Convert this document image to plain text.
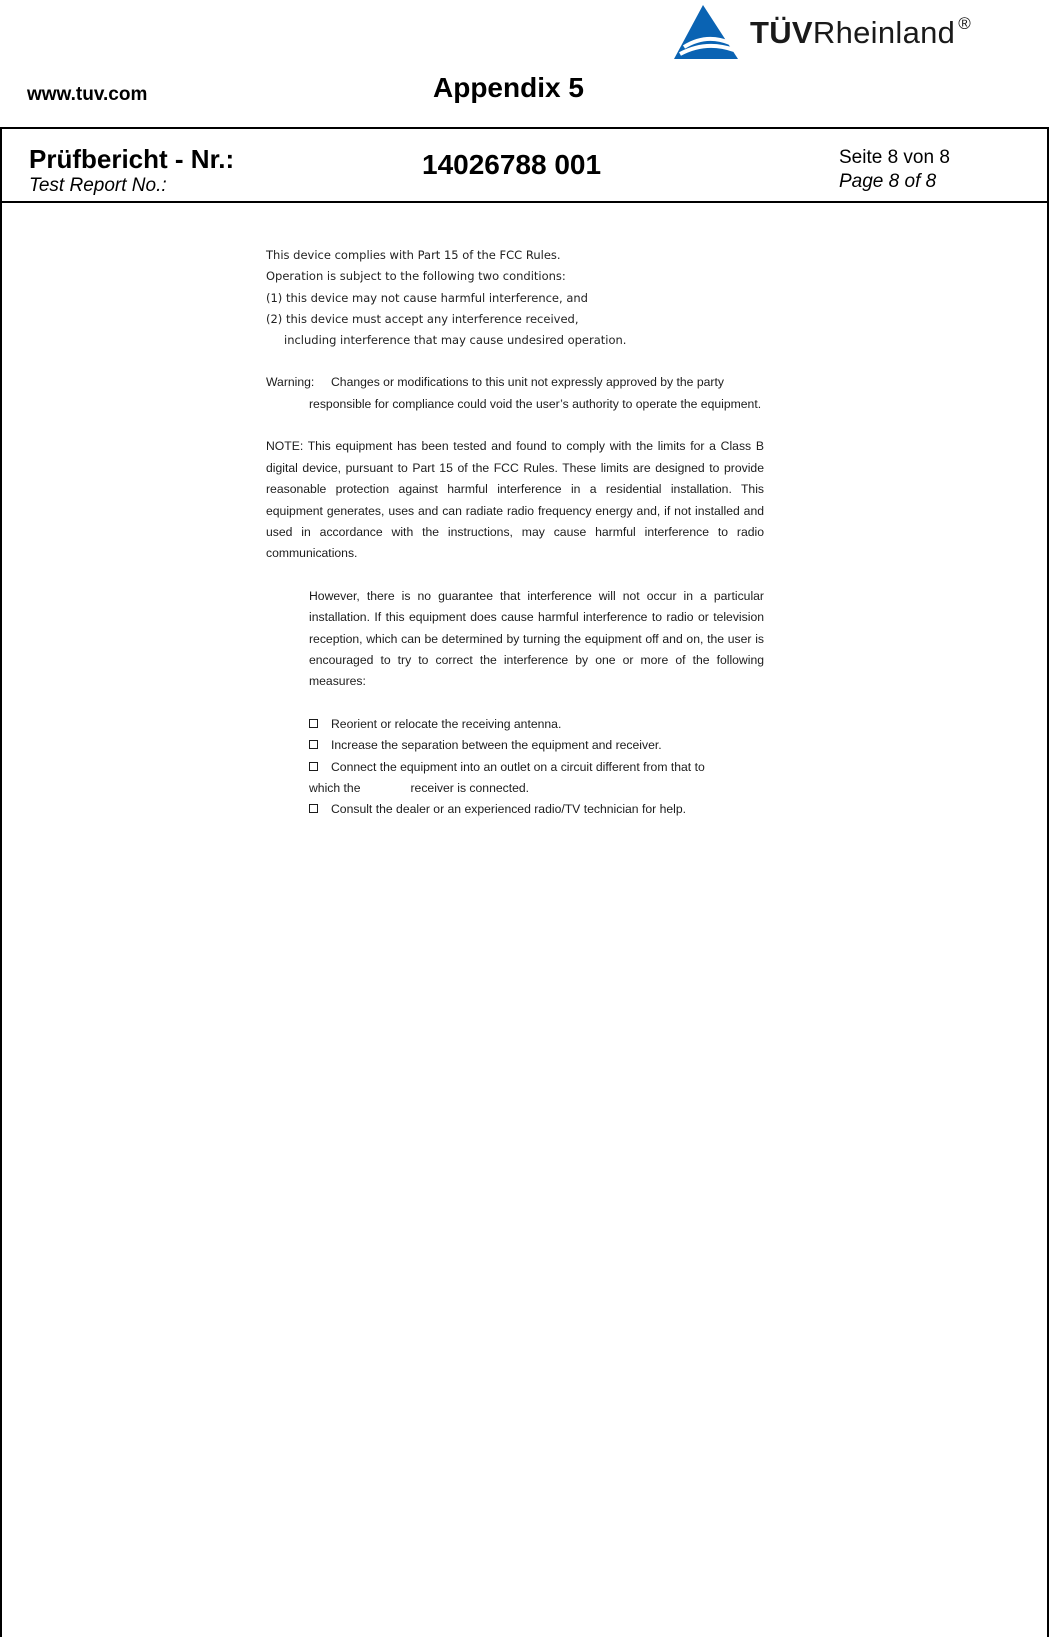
www.tuv.com	Appendix 5
TÜVRheinland ®
Prüfbericht - Nr.:
Test Report No.:
14026788 001	Seite 8 von 8
Page 8 of 8
This device complies with Part 15 of the FCC Rules.
Operation is subject to the following two conditions:
(1) this device may not cause harmful interference, and
(2) this device must accept any interference received,
including interference that may cause undesired operation.
Warning: Changes or modifications to this unit not expressly approved by the party
responsible for compliance could void the user’s authority to operate the equipment.
NOTE: This equipment has been tested and found to comply with the limits for a Class B digital device, pursuant to Part 15 of the FCC Rules. These limits are designed to provide reasonable protection against harmful interference in a residential installation. This equipment generates, uses and can radiate radio frequency energy and, if not installed and used in accordance with the instructions, may cause harmful interference to radio communications.
However, there is no guarantee that interference will not occur in a particular installation. If this equipment does cause harmful interference to radio or television reception, which can be determined by turning the equipment off and on, the user is encouraged to try to correct the interference by one or more of the following measures:
Reorient or relocate the receiving antenna.
Increase the separation between the equipment and receiver.
Connect the equipment into an outlet on a circuit different from that to
which the	receiver is connected.
Consult the dealer or an experienced radio/TV technician for help.
